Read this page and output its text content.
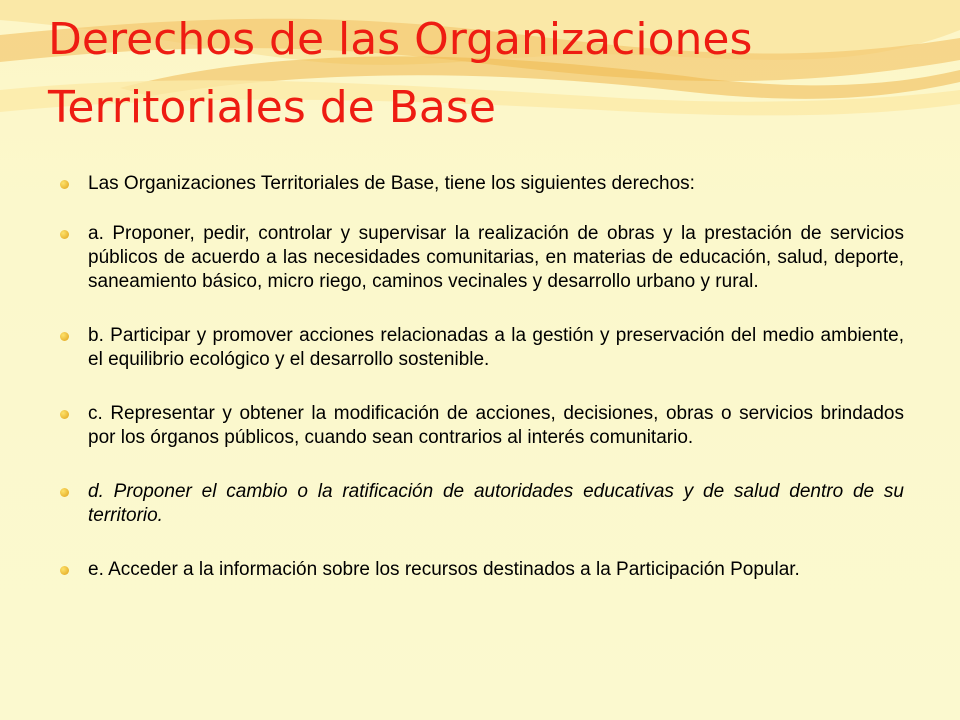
Derechos de las Organizaciones Territoriales de Base
Las Organizaciones Territoriales de Base, tiene los siguientes derechos:
a. Proponer, pedir, controlar y supervisar la realización de obras y la prestación de servicios públicos de acuerdo a las necesidades comunitarias, en materias de educación, salud, deporte, saneamiento básico, micro riego, caminos vecinales y desarrollo urbano y rural.
b. Participar y promover acciones relacionadas a la gestión y preservación del medio ambiente, el equilibrio ecológico y el desarrollo sostenible.
c. Representar y obtener la modificación de acciones, decisiones, obras o servicios brindados por los órganos públicos, cuando sean contrarios al interés comunitario.
d. Proponer el cambio o la ratificación de autoridades educativas y de salud dentro de su territorio.
e. Acceder a la información sobre los recursos destinados a la Participación Popular.
